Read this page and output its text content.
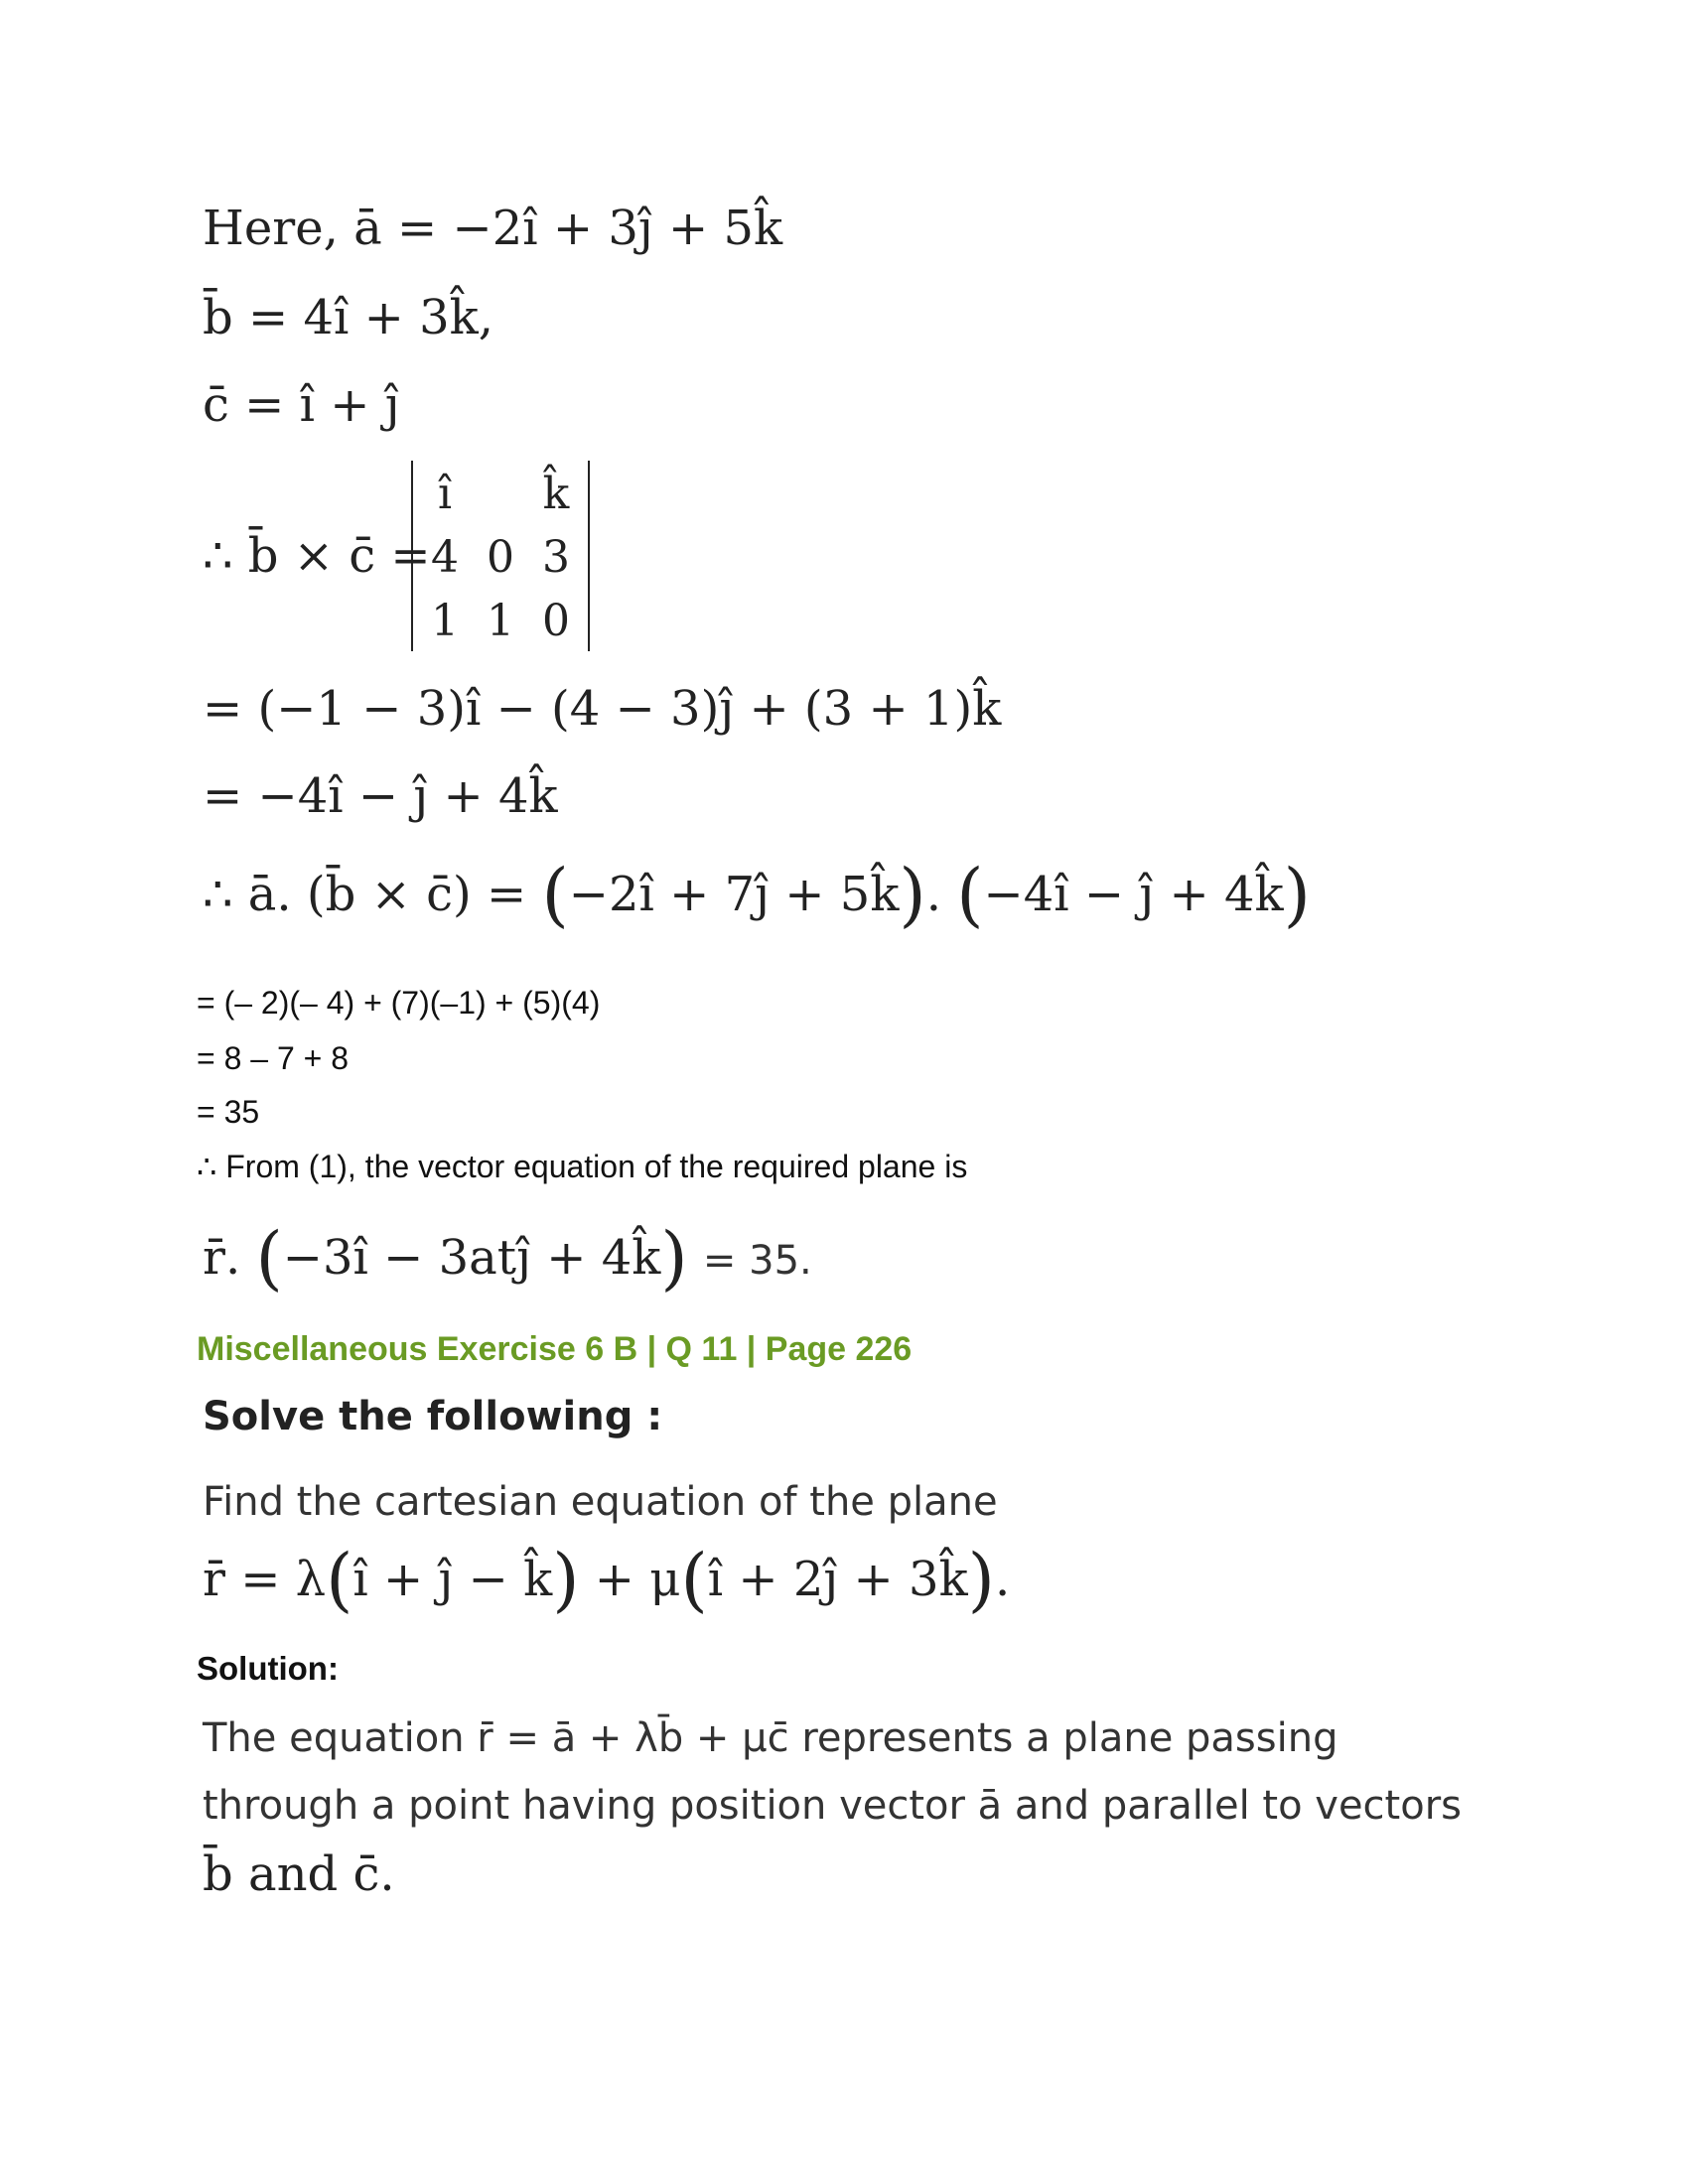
Here, ā = −2î + 3ĵ + 5k̂
b̄ = 4î + 3k̂,
c̄ = î + ĵ
∴ b̄ × c̄ =
î	k̂
4 0 3
1 1 0
= (−1 − 3)î − (4 − 3)ĵ + (3 + 1)k̂
= −4î − ĵ + 4k̂
∴ ā. (b̄ × c̄) = (−2î + 7ĵ + 5k̂). (−4î − ĵ + 4k̂)
= (– 2)(– 4) + (7)(–1) + (5)(4)
= 8 – 7 + 8
= 35
∴ From (1), the vector equation of the required plane is
r̄. (−3î − 3atĵ + 4k̂) = 35.
Miscellaneous Exercise 6 B | Q 11 | Page 226
Solve the following :
Find the cartesian equation of the plane
r̄ = λ(î + ĵ − k̂) + μ(î + 2ĵ + 3k̂).
Solution:
The equation r̄ = ā + λb̄ + μc̄ represents a plane passing
through a point having position vector ā and parallel to vectors
b̄ and c̄.
